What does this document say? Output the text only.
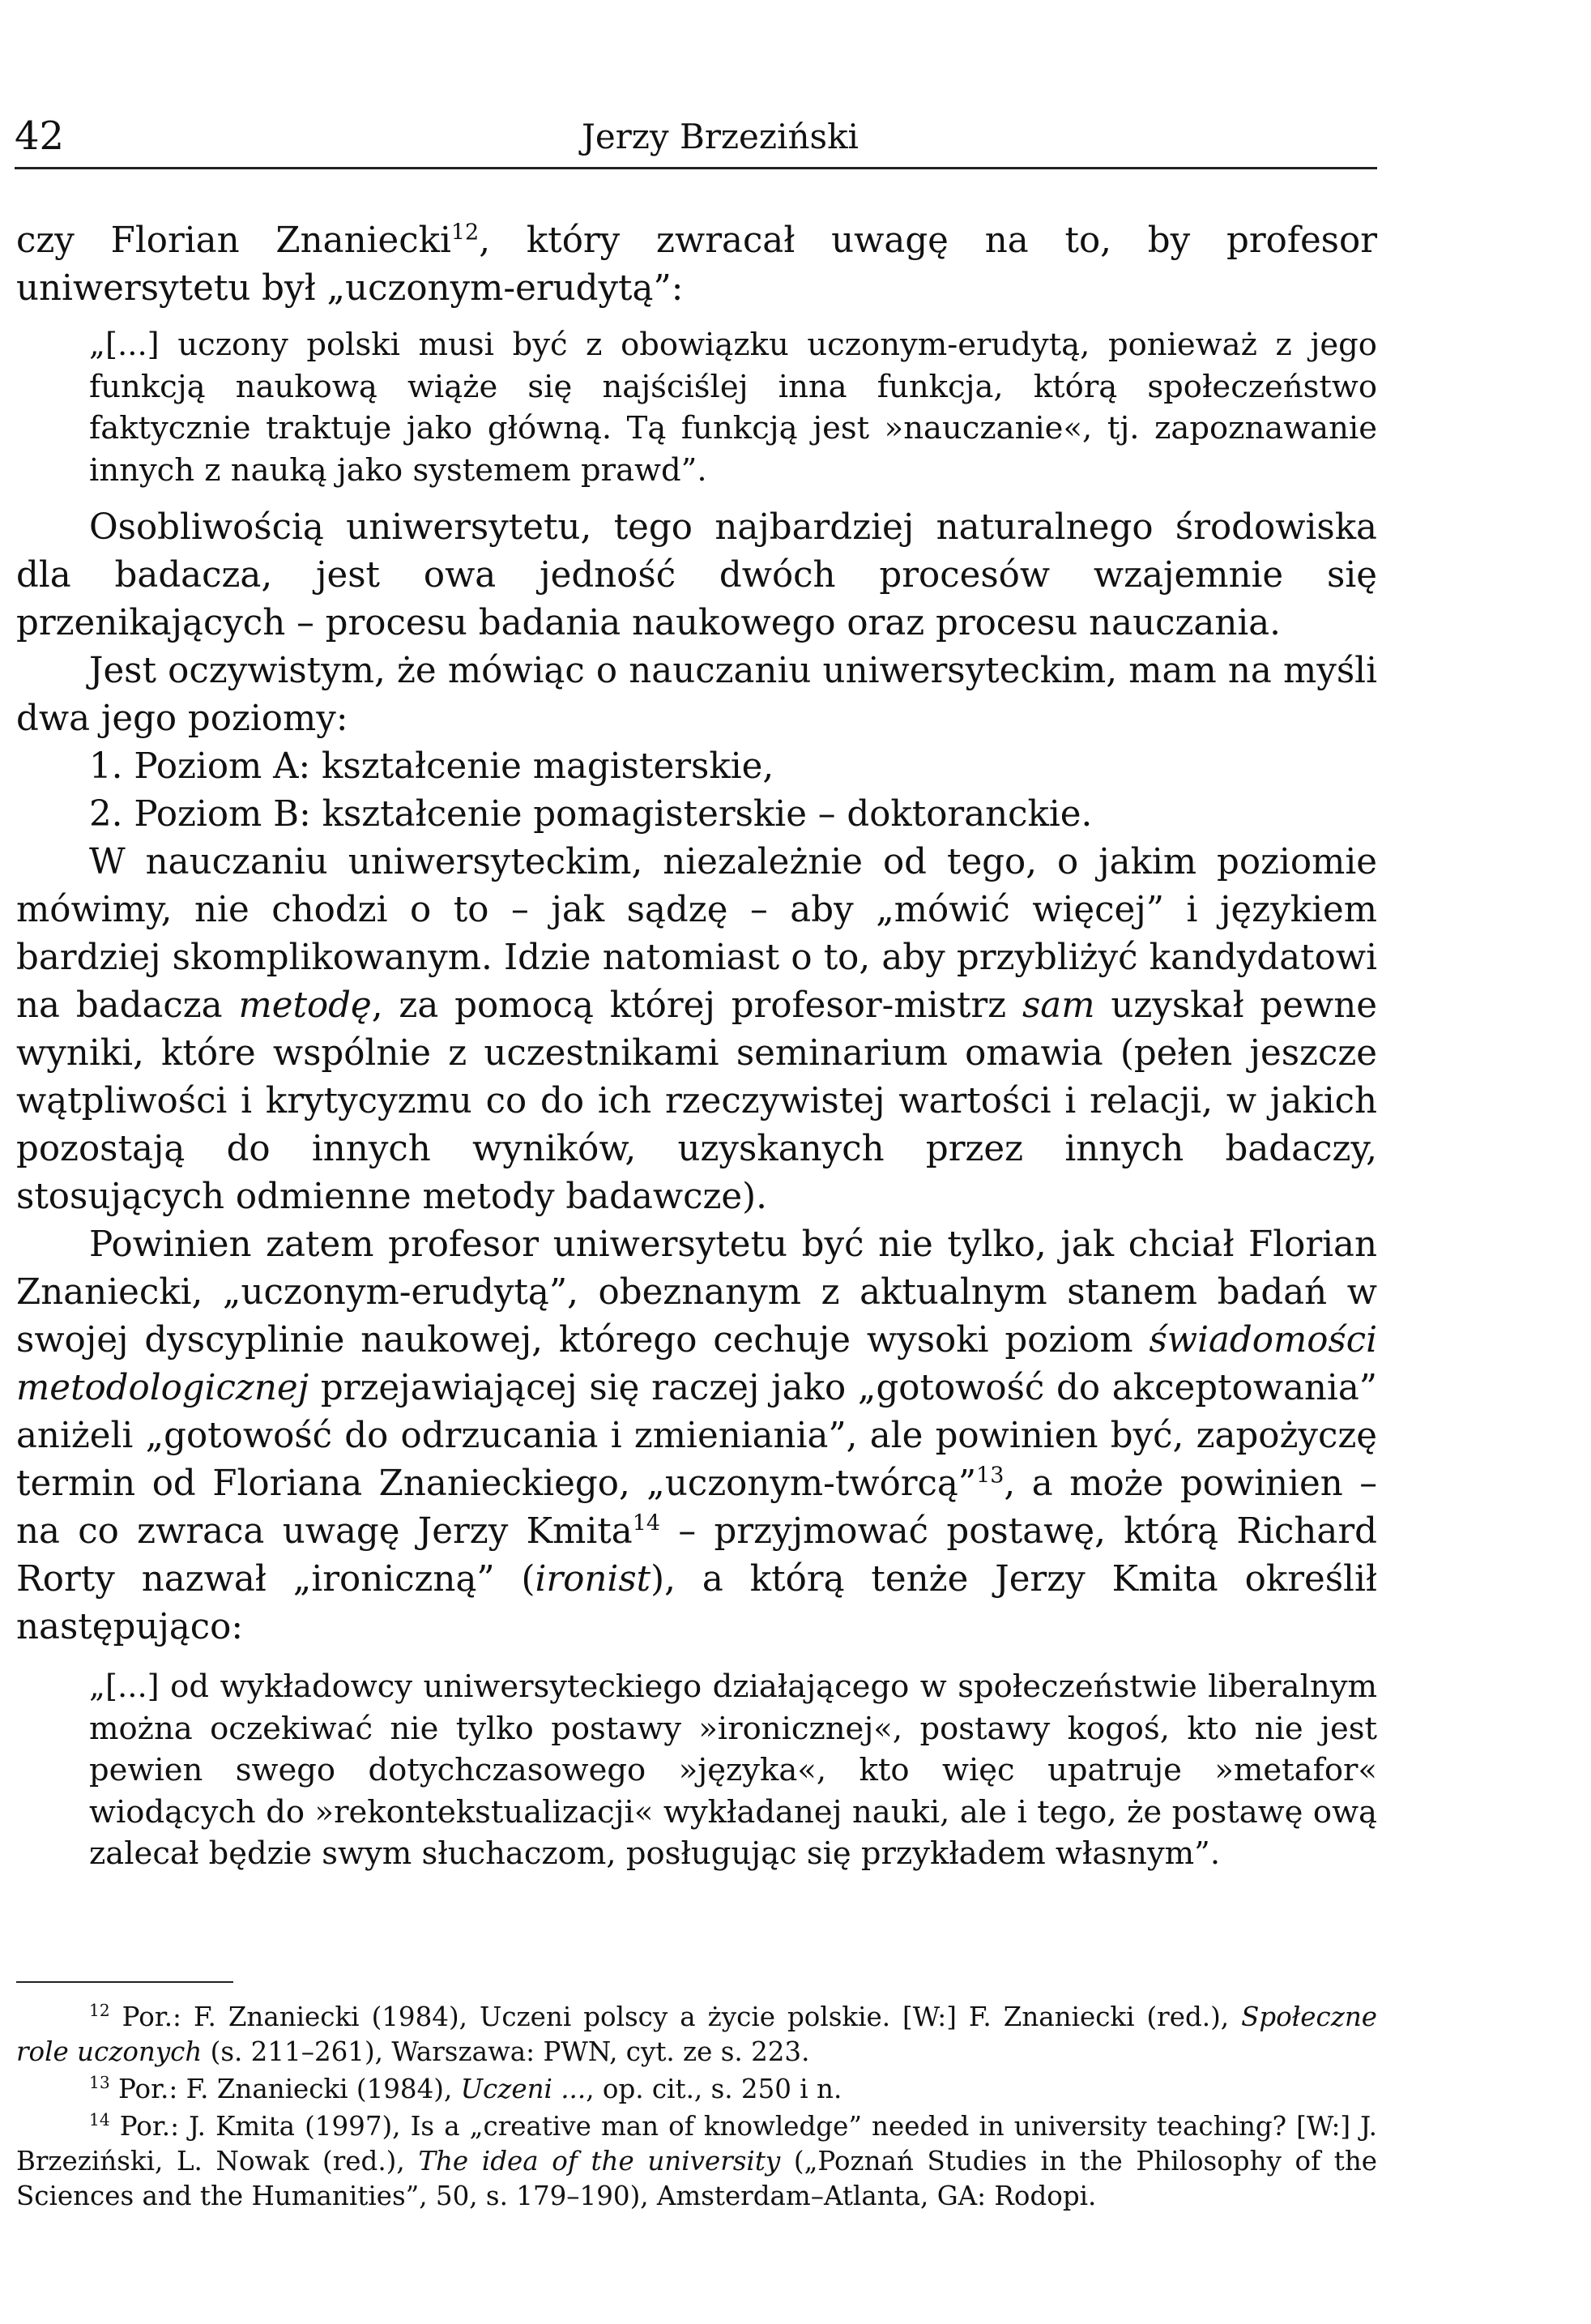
42	Jerzy Brzeziński

czy Florian Znaniecki$^{12}$, który zwracał uwagę na to, by profesor uniwersytetu był „uczonym-erudytą”:

„[...] uczony polski musi być z obowiązku uczonym-erudytą, ponieważ z jego funkcją naukową wiąże się najściślej inna funkcja, którą społeczeństwo faktycznie traktuje jako główną. Tą funkcją jest »nauczanie«, tj. zapoznawanie innych z nauką jako systemem prawd”.

Osobliwością uniwersytetu, tego najbardziej naturalnego środowiska dla badacza, jest owa jedność dwóch procesów wzajemnie się przenikających – procesu badania naukowego oraz procesu nauczania.

Jest oczywistym, że mówiąc o nauczaniu uniwersyteckim, mam na myśli dwa jego poziomy:

1. Poziom A: kształcenie magisterskie,

2. Poziom B: kształcenie pomagisterskie – doktoranckie.

W nauczaniu uniwersyteckim, niezależnie od tego, o jakim poziomie mówimy, nie chodzi o to – jak sądzę – aby „mówić więcej” i językiem bardziej skomplikowanym. Idzie natomiast o to, aby przybliżyć kandydatowi na badacza metodę, za pomocą której profesor-mistrz sam uzyskał pewne wyniki, które wspólnie z uczestnikami seminarium omawia (pełen jeszcze wątpliwości i krytycyzmu co do ich rzeczywistej wartości i relacji, w jakich pozostają do innych wyników, uzyskanych przez innych badaczy, stosujących odmienne metody badawcze).

Powinien zatem profesor uniwersytetu być nie tylko, jak chciał Florian Znaniecki, „uczonym-erudytą”, obeznanym z aktualnym stanem badań w swojej dyscyplinie naukowej, którego cechuje wysoki poziom świadomości metodologicznej przejawiającej się raczej jako „gotowość do akceptowania” aniżeli „gotowość do odrzucania i zmieniania”, ale powinien być, zapożyczę termin od Floriana Znanieckiego, „uczonym-twórcą”$^{13}$, a może powinien – na co zwraca uwagę Jerzy Kmita$^{14}$ – przyjmować postawę, którą Richard Rorty nazwał „ironiczną” (ironist), a którą tenże Jerzy Kmita określił następująco:

„[...] od wykładowcy uniwersyteckiego działającego w społeczeństwie liberalnym można oczekiwać nie tylko postawy »ironicznej«, postawy kogoś, kto nie jest pewien swego dotychczasowego »języka«, kto więc upatruje »metafor« wiodących do »rekontekstualizacji« wykładanej nauki, ale i tego, że postawę ową zalecał będzie swym słuchaczom, posługując się przykładem własnym”.

$^{12}$ Por.: F. Znaniecki (1984), Uczeni polscy a życie polskie. [W:] F. Znaniecki (red.), Społeczne role uczonych (s. 211–261), Warszawa: PWN, cyt. ze s. 223.

$^{13}$ Por.: F. Znaniecki (1984), Uczeni ..., op. cit., s. 250 i n.

$^{14}$ Por.: J. Kmita (1997), Is a „creative man of knowledge” needed in university teaching? [W:] J. Brzeziński, L. Nowak (red.), The idea of the university („Poznań Studies in the Philosophy of the Sciences and the Humanities”, 50, s. 179–190), Amsterdam–Atlanta, GA: Rodopi.
